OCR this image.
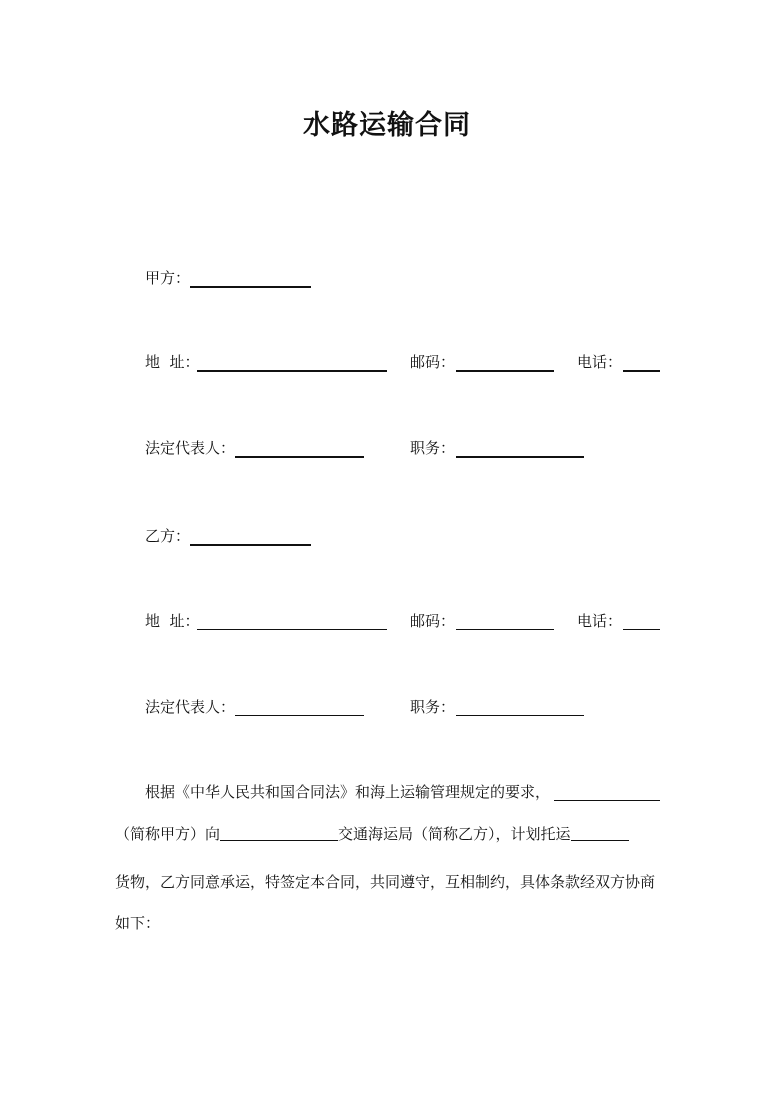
水路运输合同
甲方：
地  址：	邮码：	电话：
法定代表人：	职务：
乙方：
地  址：	邮码：	电话：
法定代表人：	职务：
根据《中华人民共和国合同法》和海上运输管理规定的要求，
（简称甲方）向	交通海运局（简称乙方），计划托运
货物，乙方同意承运，特签定本合同，共同遵守，互相制约，具体条款经双方协商
如下：
